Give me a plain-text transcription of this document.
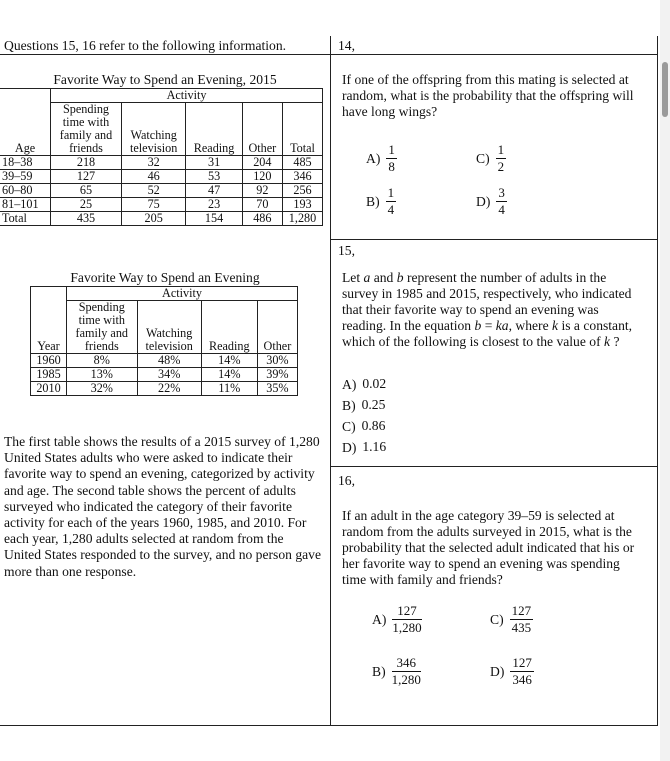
Questions 15, 16 refer to the following information.	14,
Favorite Way to Spend an Evening, 2015
Age	Activity				

	Spending
time with
family and
friends	Watching
television	Reading	Other	Total

18–38	218	32	31	204	485
39–59	127	46	53	120	346
60–80	65	52	47	92	256
81–101	25	75	23	70	193
Total	435	205	154	486	1,280
Favorite Way to Spend an Evening
Year	Activity			

	Spending
time with
family and
friends	Watching
television	Reading	Other

1960	8%	48%	14%	30%
1985	13%	34%	14%	39%
2010	32%	22%	11%	35%
The first table shows the results of a 2015 survey of 1,280 United States adults who were asked to indicate their favorite way to spend an evening, categorized by activity and age. The second table shows the percent of adults surveyed who indicated the category of their favorite activity for each of the years 1960, 1985, and 2010. For each year, 1,280 adults selected at random from the United States responded to the survey, and no person gave more than one response.
If one of the offspring from this mating is selected at random, what is the probability that the offspring will have long wings?
$A) \frac{1}{8}$
$B) \frac{1}{4}$
$C) \frac{1}{2}$
$D) \frac{3}{4}$
15,
Let a and b represent the number of adults in the survey in 1985 and 2015, respectively, who indicated that their favorite way to spend an evening was reading. In the equation b = ka, where k is a constant, which of the following is closest to the value of k ?
A) 0.02
B) 0.25
C) 0.86
D) 1.16
16,
If an adult in the age category 39–59 is selected at random from the adults surveyed in 2015, what is the probability that the selected adult indicated that his or her favorite way to spend an evening was spending time with family and friends?
$A) \frac{127}{1,280}$
$B) \frac{346}{1,280}$
$C) \frac{127}{435}$
$D) \frac{127}{346}$
